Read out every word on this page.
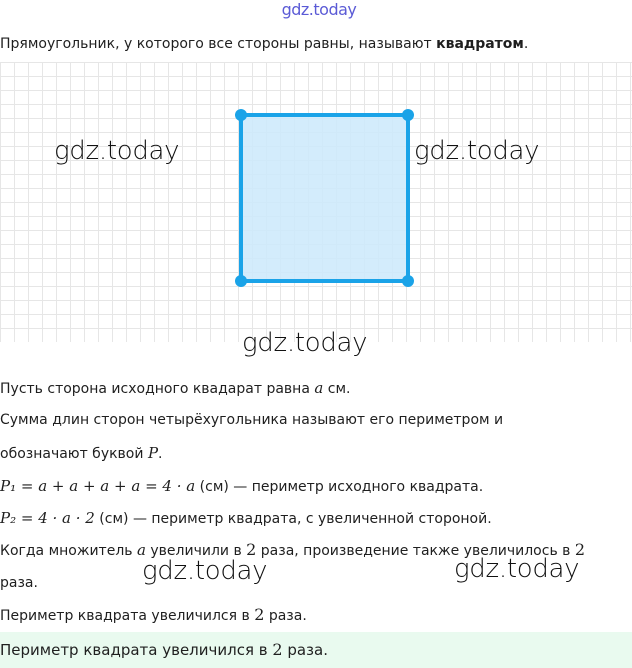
gdz.today
Прямоугольник, у которого все стороны равны, называют квадратом.
gdz.today	gdz.today
gdz.today
Пусть сторона исходного квадарат равна a см.
Сумма длин сторон четырёхугольника называют его периметром и
обозначают буквой P.
P₁ = a + a + a + a = 4 · a (см) — периметр исходного квадрата.
P₂ = 4 · a · 2 (см) — периметр квадрата, с увеличенной стороной.
Когда множитель a увеличили в 2 раза, произведение также увеличилось в 2
раза.	gdz.today	gdz.today
Периметр квадрата увеличился в 2 раза.
Периметр квадрата увеличился в 2 раза.
